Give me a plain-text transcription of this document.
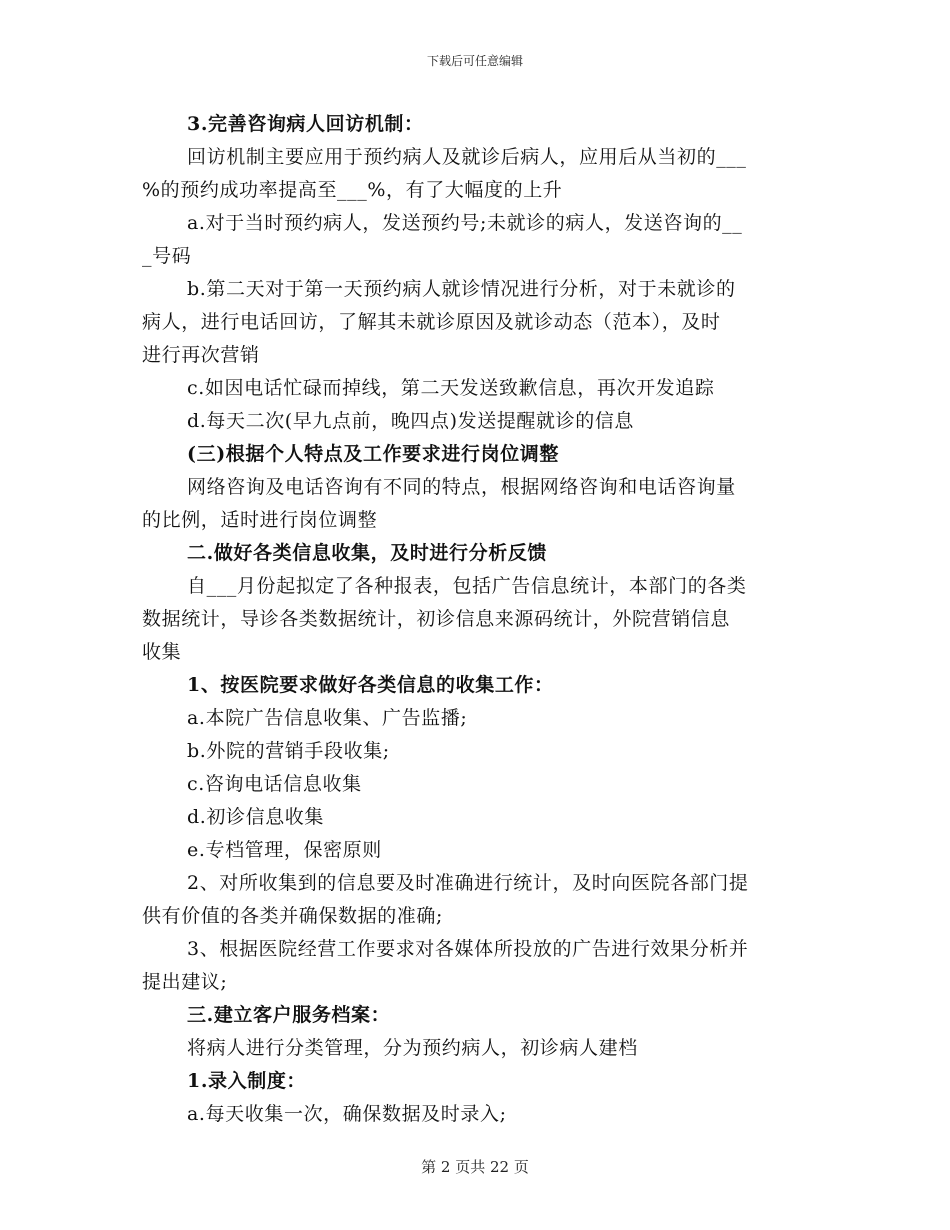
下载后可任意编辑
3.完善咨询病人回访机制：
回访机制主要应用于预约病人及就诊后病人，应用后从当初的___
%的预约成功率提高至___%，有了大幅度的上升
a.对于当时预约病人，发送预约号;未就诊的病人，发送咨询的__
_号码
b.第二天对于第一天预约病人就诊情况进行分析，对于未就诊的
病人，进行电话回访，了解其未就诊原因及就诊动态（范本），及时
进行再次营销
c.如因电话忙碌而掉线，第二天发送致歉信息，再次开发追踪
d.每天二次(早九点前，晚四点)发送提醒就诊的信息
(三)根据个人特点及工作要求进行岗位调整
网络咨询及电话咨询有不同的特点，根据网络咨询和电话咨询量
的比例，适时进行岗位调整
二.做好各类信息收集，及时进行分析反馈
自___月份起拟定了各种报表，包括广告信息统计，本部门的各类
数据统计，导诊各类数据统计，初诊信息来源码统计，外院营销信息
收集
1、按医院要求做好各类信息的收集工作：
a.本院广告信息收集、广告监播;
b.外院的营销手段收集;
c.咨询电话信息收集
d.初诊信息收集
e.专档管理，保密原则
2、对所收集到的信息要及时准确进行统计，及时向医院各部门提
供有价值的各类并确保数据的准确;
3、根据医院经营工作要求对各媒体所投放的广告进行效果分析并
提出建议;
三.建立客户服务档案：
将病人进行分类管理，分为预约病人，初诊病人建档
1.录入制度：
a.每天收集一次，确保数据及时录入;
第 2 页共 22 页
